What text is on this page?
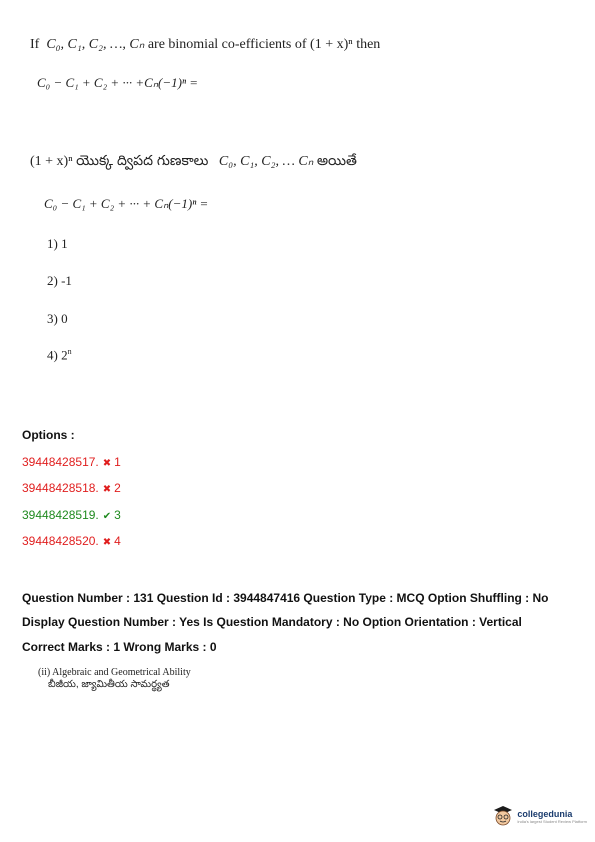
If C₀, C₁, C₂, …, Cₙ are binomial co-efficients of (1 + x)ⁿ then
C₀ − C₁ + C₂ + ··· +Cₙ(−1)ⁿ =
(1 + x)ⁿ యొక్క ద్విపద గుణకాలు C₀, C₁, C₂, … Cₙ అయితే
C₀ − C₁ + C₂ + ··· + Cₙ(−1)ⁿ =
1) 1
2) -1
3) 0
4) 2$^n$
Options :
39448428517. ✖ 1
39448428518. ✖ 2
39448428519. ✔ 3
39448428520. ✖ 4
Question Number : 131 Question Id : 3944847416 Question Type : MCQ Option Shuffling : No
Display Question Number : Yes Is Question Mandatory : No Option Orientation : Vertical
Correct Marks : 1 Wrong Marks : 0
(ii) Algebraic and Geometrical Ability
బీజీయ, జ్యామితీయ సామర్థ్యత
collegedunia
India's largest Student Review Platform
